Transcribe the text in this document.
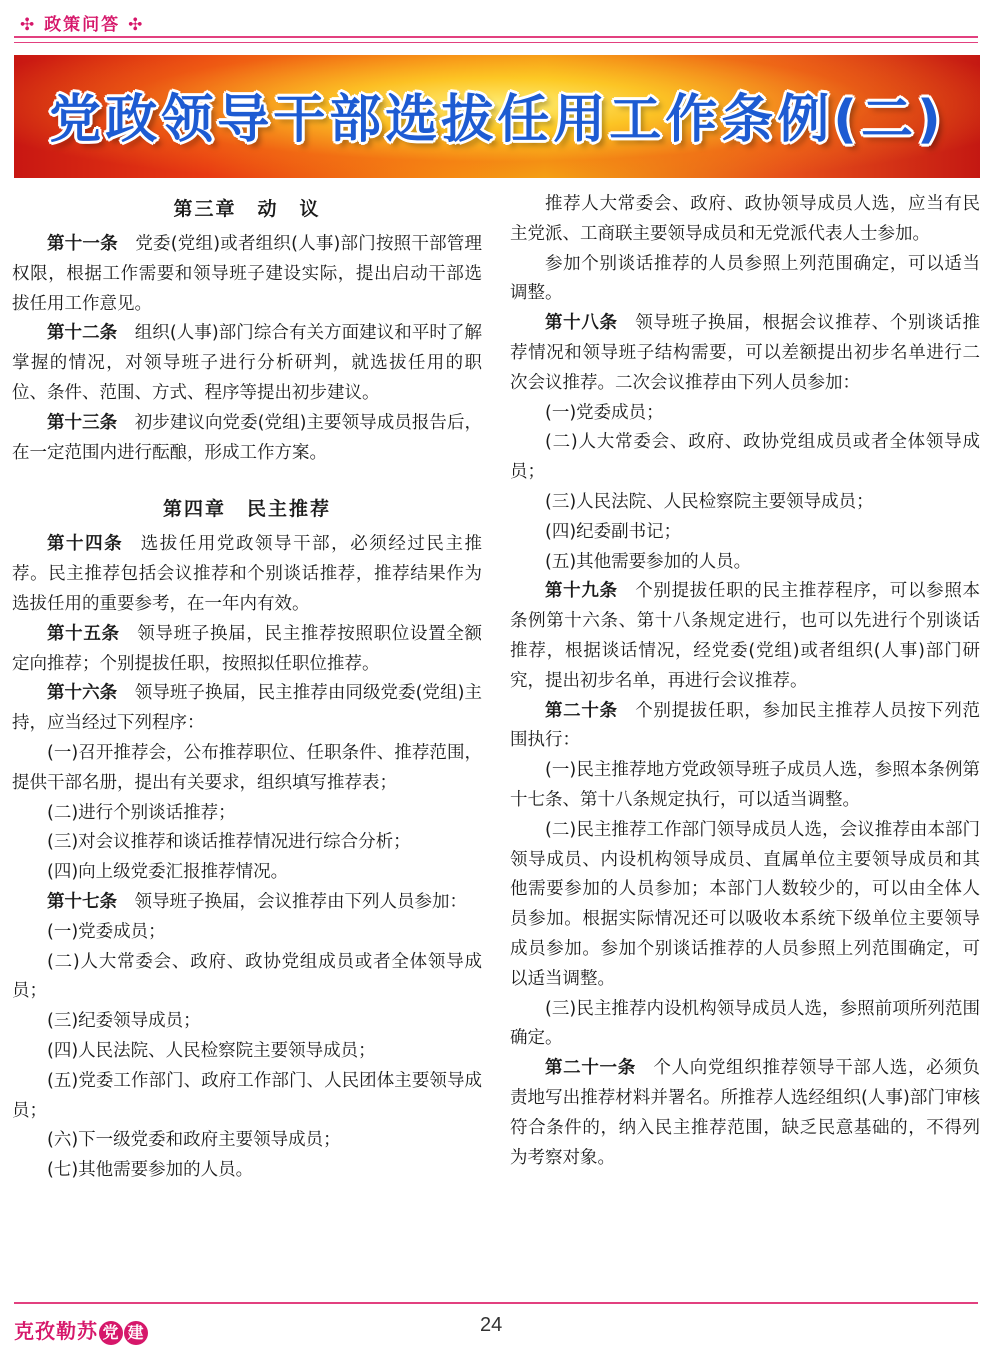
✣ 政策问答 ✣
党政领导干部选拔任用工作条例(二)
第三章　动　议

第十一条 党委(党组)或者组织(人事)部门按照干部管理权限，根据工作需要和领导班子建设实际，提出启动干部选拔任用工作意见。

第十二条 组织(人事)部门综合有关方面建议和平时了解掌握的情况，对领导班子进行分析研判，就选拔任用的职位、条件、范围、方式、程序等提出初步建议。

第十三条 初步建议向党委(党组)主要领导成员报告后，在一定范围内进行酝酿，形成工作方案。

第四章　民主推荐

第十四条 选拔任用党政领导干部，必须经过民主推荐。民主推荐包括会议推荐和个别谈话推荐，推荐结果作为选拔任用的重要参考，在一年内有效。

第十五条 领导班子换届，民主推荐按照职位设置全额定向推荐；个别提拔任职，按照拟任职位推荐。

第十六条 领导班子换届，民主推荐由同级党委(党组)主持，应当经过下列程序：

(一)召开推荐会，公布推荐职位、任职条件、推荐范围，提供干部名册，提出有关要求，组织填写推荐表；

(二)进行个别谈话推荐；

(三)对会议推荐和谈话推荐情况进行综合分析；

(四)向上级党委汇报推荐情况。

第十七条 领导班子换届，会议推荐由下列人员参加：

(一)党委成员；

(二)人大常委会、政府、政协党组成员或者全体领导成员；

(三)纪委领导成员；

(四)人民法院、人民检察院主要领导成员；

(五)党委工作部门、政府工作部门、人民团体主要领导成员；

(六)下一级党委和政府主要领导成员；

(七)其他需要参加的人员。

推荐人大常委会、政府、政协领导成员人选，应当有民主党派、工商联主要领导成员和无党派代表人士参加。

参加个别谈话推荐的人员参照上列范围确定，可以适当调整。

第十八条 领导班子换届，根据会议推荐、个别谈话推荐情况和领导班子结构需要，可以差额提出初步名单进行二次会议推荐。二次会议推荐由下列人员参加：

(一)党委成员；

(二)人大常委会、政府、政协党组成员或者全体领导成员；

(三)人民法院、人民检察院主要领导成员；

(四)纪委副书记；

(五)其他需要参加的人员。

第十九条 个别提拔任职的民主推荐程序，可以参照本条例第十六条、第十八条规定进行，也可以先进行个别谈话推荐，根据谈话情况，经党委(党组)或者组织(人事)部门研究，提出初步名单，再进行会议推荐。

第二十条 个别提拔任职，参加民主推荐人员按下列范围执行：

(一)民主推荐地方党政领导班子成员人选，参照本条例第十七条、第十八条规定执行，可以适当调整。

(二)民主推荐工作部门领导成员人选，会议推荐由本部门领导成员、内设机构领导成员、直属单位主要领导成员和其他需要参加的人员参加；本部门人数较少的，可以由全体人员参加。根据实际情况还可以吸收本系统下级单位主要领导成员参加。参加个别谈话推荐的人员参照上列范围确定，可以适当调整。

(三)民主推荐内设机构领导成员人选，参照前项所列范围确定。

第二十一条 个人向党组织推荐领导干部人选，必须负责地写出推荐材料并署名。所推荐人选经组织(人事)部门审核符合条件的，纳入民主推荐范围，缺乏民意基础的，不得列为考察对象。

克孜勒苏 党 建	24
